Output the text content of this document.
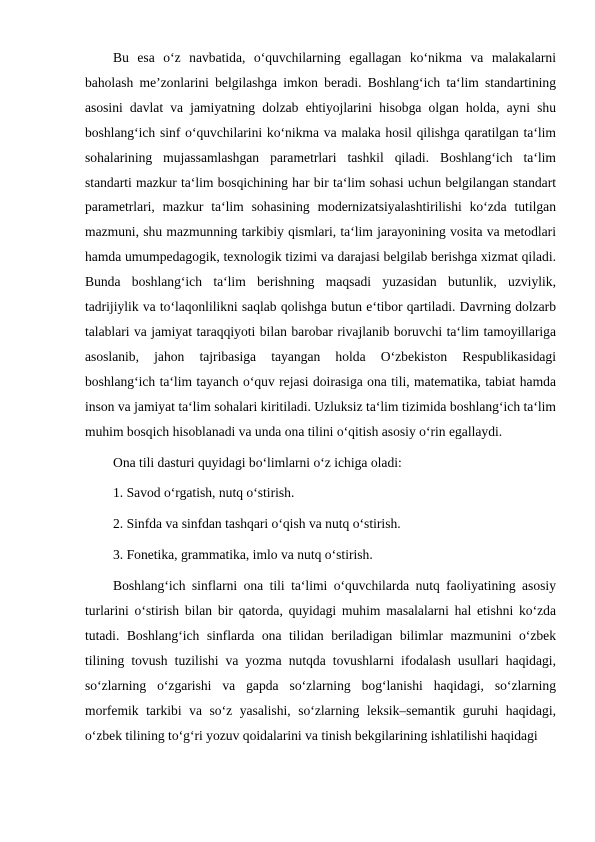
Bu esa o‘z navbatida, o‘quvchilarning egallagan ko‘nikma va malakalarni baholash me’zonlarini belgilashga imkon beradi. Boshlang‘ich ta‘lim standartining asosini davlat va jamiyatning dolzab ehtiyojlarini hisobga olgan holda, ayni shu boshlang‘ich sinf o‘quvchilarini ko‘nikma va malaka hosil qilishga qaratilgan ta‘lim sohalarining mujassamlashgan parametrlari tashkil qiladi. Boshlang‘ich ta‘lim standarti mazkur ta‘lim bosqichining har bir ta‘lim sohasi uchun belgilangan standart parametrlari, mazkur ta‘lim sohasining modernizatsiyalashtirilishi ko‘zda tutilgan mazmuni, shu mazmunning tarkibiy qismlari, ta‘lim jarayonining vosita va metodlari hamda umumpedagogik, texnologik tizimi va darajasi belgilab berishga xizmat qiladi. Bunda boshlang‘ich ta‘lim berishning maqsadi yuzasidan butunlik, uzviylik, tadrijiylik va to‘laqonlilikni saqlab qolishga butun e‘tibor qartiladi. Davrning dolzarb talablari va jamiyat taraqqiyoti bilan barobar rivajlanib boruvchi ta‘lim tamoyillariga asoslanib, jahon tajribasiga tayangan holda O‘zbekiston Respublikasidagi boshlang‘ich ta‘lim tayanch o‘quv rejasi doirasiga ona tili, matematika, tabiat hamda inson va jamiyat ta‘lim sohalari kiritiladi. Uzluksiz ta‘lim tizimida boshlang‘ich ta‘lim muhim bosqich hisoblanadi va unda ona tilini o‘qitish asosiy o‘rin egallaydi.

Ona tili dasturi quyidagi bo‘limlarni o‘z ichiga oladi:

1. Savod o‘rgatish, nutq o‘stirish.

2. Sinfda va sinfdan tashqari o‘qish va nutq o‘stirish.

3. Fonetika, grammatika, imlo va nutq o‘stirish.

Boshlang‘ich sinflarni ona tili ta‘limi o‘quvchilarda nutq faoliyatining asosiy turlarini o‘stirish bilan bir qatorda, quyidagi muhim masalalarni hal etishni ko‘zda tutadi. Boshlang‘ich sinflarda ona tilidan beriladigan bilimlar mazmunini o‘zbek tilining tovush tuzilishi va yozma nutqda tovushlarni ifodalash usullari haqidagi, so‘zlarning o‘zgarishi va gapda so‘zlarning bog‘lanishi haqidagi, so‘zlarning morfemik tarkibi va so‘z yasalishi, so‘zlarning leksik–semantik guruhi haqidagi, o‘zbek tilining to‘g‘ri yozuv qoidalarini va tinish bekgilarining ishlatilishi haqidagi
